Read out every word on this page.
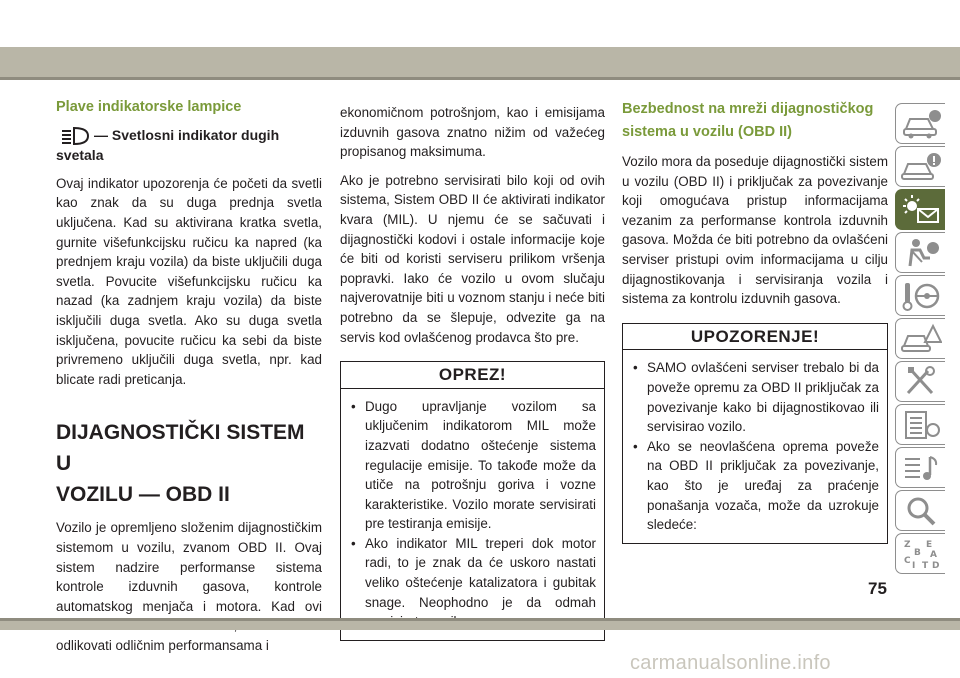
Plave indikatorske lampice
— Svetlosni indikator dugih
svetala

Ovaj indikator upozorenja će početi da svetli kao znak da su duga prednja svetla uključena. Kad su aktivirana kratka svetla, gurnite višefunkcijsku ručicu ka napred (ka prednjem kraju vozila) da biste uključili duga svetla. Povucite višefunkcijsku ručicu ka nazad (ka zadnjem kraju vozila) da biste isključili duga svetla. Ako su duga svetla isključena, povucite ručicu ka sebi da biste privremeno uključili duga svetla, npr. kad blicate radi preticanja.

DIJAGNOSTIČKI SISTEM U
VOZILU — OBD II

Vozilo je opremljeno složenim dijagnostičkim sistemom u vozilu, zvanom OBD II. Ovaj sistem nadzire performanse sistema kontrole izduvnih gasova, kontrole automatskog menjača i motora. Kad ovi odlikovati odličnim performansama i

ekonomičnom potrošnjom, kao i emisijama izduvnih gasova znatno nižim od važećeg propisanog maksimuma.

Ako je potrebno servisirati bilo koji od ovih sistema, Sistem OBD II će aktivirati indikator kvara (MIL). U njemu će se sačuvati i dijagnostički kodovi i ostale informacije koje će biti od koristi serviseru prilikom vršenja popravki. Iako će vozilo u ovom slučaju najverovatnije biti u voznom stanju i neće biti potrebno da se šlepuje, odvezite ga na servis kod ovlašćenog prodavca što pre.

OPREZ!
• Dugo upravljanje vozilom sa uključenim indikatorom MIL može izazvati dodatno oštećenje sistema regulacije emisije. To takođe može da utiče na potrošnju goriva i vozne karakteristike. Vozilo morate servisirati pre testiranja emisije.
• Ako indikator MIL treperi dok motor radi, to je znak da će uskoro nastati veliko oštećenje katalizatora i gubitak snage. Neophodno je da odmah
Bezbednost na mreži dijagnostičkog
sistema u vozilu (OBD II)

Vozilo mora da poseduje dijagnostički sistem u vozilu (OBD II) i priključak za povezivanje koji omogućava pristup informacijama vezanim za performanse kontrola izduvnih gasova. Možda će biti potrebno da ovlašćeni serviser pristupi ovim informacijama u cilju dijagnostikovanja i servisiranja vozila i sistema za kontrolu izduvnih gasova.

UPOZORENJE!
• SAMO ovlašćeni serviser trebalo bi da poveže opremu za OBD II priključak za povezivanje kako bi dijagnostikovao ili servisirao vozilo.
• Ako se neovlašćena oprema poveže na OBD II priključak za povezivanje, kao što je uređaj za praćenje ponašanja vozača, može da uzrokuje sledeće:
Z E
B A
C I T D
75
carmanualsonline.info
